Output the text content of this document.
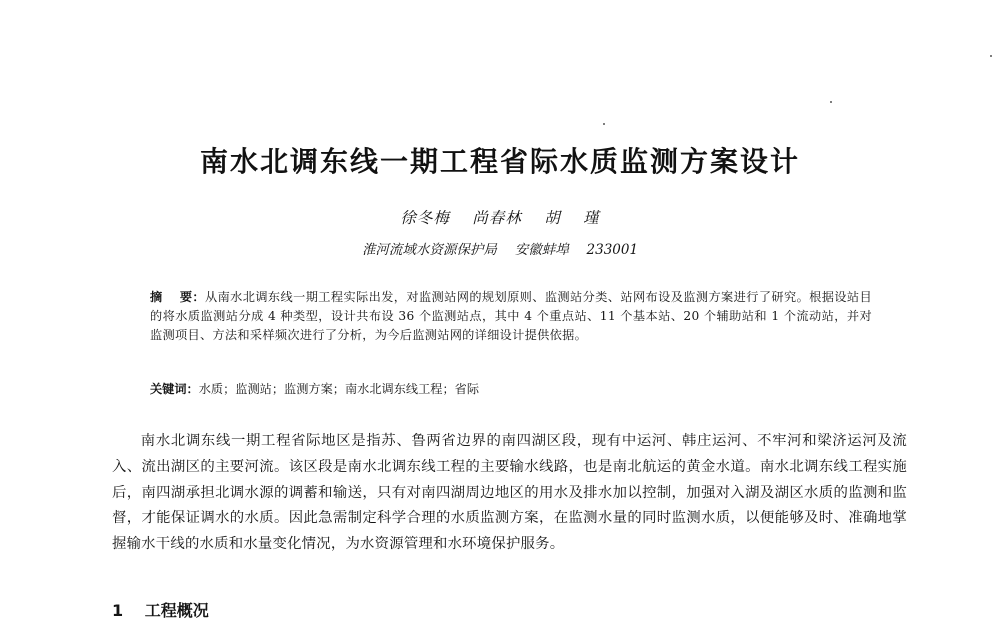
南水北调东线一期工程省际水质监测方案设计
徐冬梅　 尚春林　 胡　 瑾
淮河流域水资源保护局　 安徽蚌埠　 233001
摘　 要：从南水北调东线一期工程实际出发，对监测站网的规划原则、监测站分类、站网布设及监测方案进行了研究。根据设站目的将水质监测站分成 4 种类型，设计共布设 36 个监测站点，其中 4 个重点站、11 个基本站、20 个辅助站和 1 个流动站，并对监测项目、方法和采样频次进行了分析，为今后监测站网的详细设计提供依据。
关键词：水质；监测站；监测方案；南水北调东线工程；省际
南水北调东线一期工程省际地区是指苏、鲁两省边界的南四湖区段，现有中运河、韩庄运河、不牢河和梁济运河及流入、流出湖区的主要河流。该区段是南水北调东线工程的主要输水线路，也是南北航运的黄金水道。南水北调东线工程实施后，南四湖承担北调水源的调蓄和输送，只有对南四湖周边地区的用水及排水加以控制，加强对入湖及湖区水质的监测和监督，才能保证调水的水质。因此急需制定科学合理的水质监测方案，在监测水量的同时监测水质，以便能够及时、准确地掌握输水干线的水质和水量变化情况，为水资源管理和水环境保护服务。
1　 工程概况
